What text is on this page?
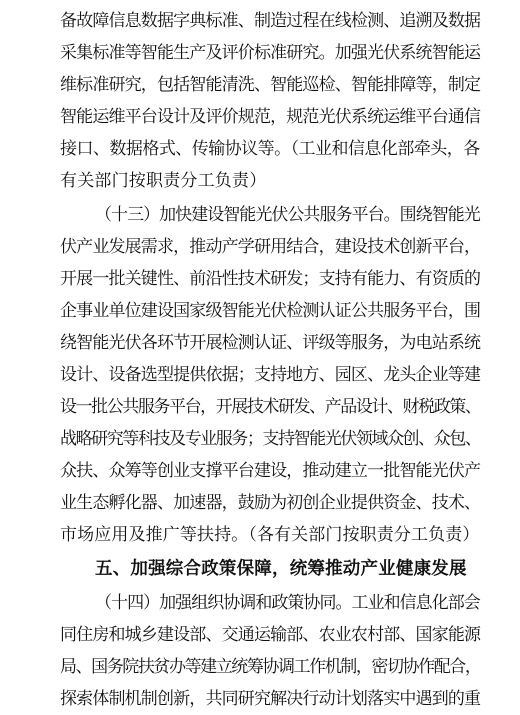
备故障信息数据字典标准、制造过程在线检测、追溯及数据
采集标准等智能生产及评价标准研究。加强光伏系统智能运
维标准研究，包括智能清洗、智能巡检、智能排障等，制定
智能运维平台设计及评价规范，规范光伏系统运维平台通信
接口、数据格式、传输协议等。（工业和信息化部牵头，各
有关部门按职责分工负责）
（十三）加快建设智能光伏公共服务平台。围绕智能光
伏产业发展需求，推动产学研用结合，建设技术创新平台，
开展一批关键性、前沿性技术研发；支持有能力、有资质的
企事业单位建设国家级智能光伏检测认证公共服务平台，围
绕智能光伏各环节开展检测认证、评级等服务，为电站系统
设计、设备选型提供依据；支持地方、园区、龙头企业等建
设一批公共服务平台，开展技术研发、产品设计、财税政策、
战略研究等科技及专业服务；支持智能光伏领域众创、众包、
众扶、众筹等创业支撑平台建设，推动建立一批智能光伏产
业生态孵化器、加速器，鼓励为初创企业提供资金、技术、
市场应用及推广等扶持。（各有关部门按职责分工负责）
五、加强综合政策保障，统筹推动产业健康发展
（十四）加强组织协调和政策协同。工业和信息化部会
同住房和城乡建设部、交通运输部、农业农村部、国家能源
局、国务院扶贫办等建立统筹协调工作机制，密切协作配合，
探索体制机制创新，共同研究解决行动计划落实中遇到的重
